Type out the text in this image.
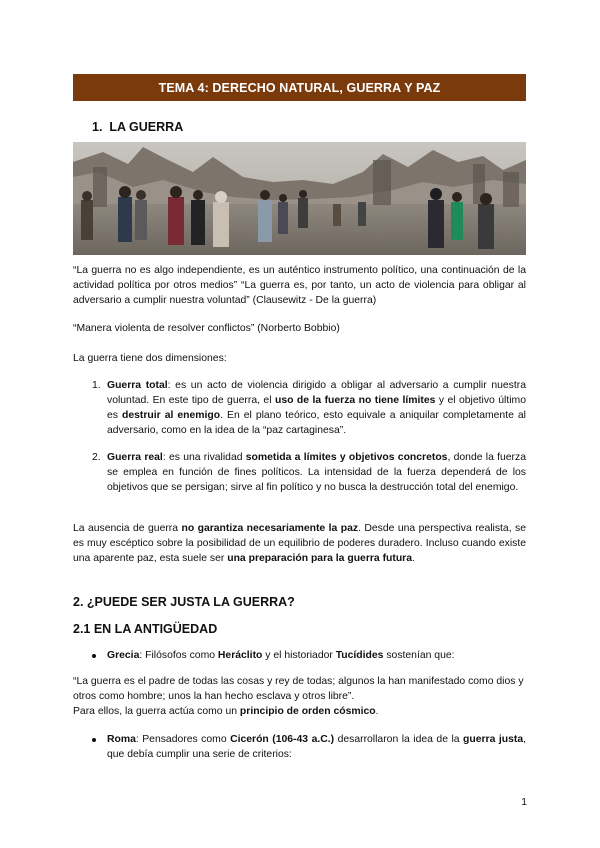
TEMA 4: DERECHO NATURAL, GUERRA Y PAZ
1. LA GUERRA
“La guerra no es algo independiente, es un auténtico instrumento político, una continuación de la actividad política por otros medios” “La guerra es, por tanto, un acto de violencia para obligar al adversario a cumplir nuestra voluntad” (Clausewitz - De la guerra)
“Manera violenta de resolver conflictos” (Norberto Bobbio)
La guerra tiene dos dimensiones:
1. Guerra total: es un acto de violencia dirigido a obligar al adversario a cumplir nuestra voluntad. En este tipo de guerra, el uso de la fuerza no tiene límites y el objetivo último es destruir al enemigo. En el plano teórico, esto equivale a aniquilar completamente al adversario, como en la idea de la “paz cartaginesa”.
2. Guerra real: es una rivalidad sometida a límites y objetivos concretos, donde la fuerza se emplea en función de fines políticos. La intensidad de la fuerza dependerá de los objetivos que se persigan; sirve al fin político y no busca la destrucción total del enemigo.
La ausencia de guerra no garantiza necesariamente la paz. Desde una perspectiva realista, se es muy escéptico sobre la posibilidad de un equilibrio de poderes duradero. Incluso cuando existe una aparente paz, esta suele ser una preparación para la guerra futura.
2. ¿PUEDE SER JUSTA LA GUERRA?
2.1 EN LA ANTIGÜEDAD
Grecia: Filósofos como Heráclito y el historiador Tucídides sostenían que:
“La guerra es el padre de todas las cosas y rey de todas; algunos la han manifestado como dios y otros como hombre; unos la han hecho esclava y otros libre”.
Para ellos, la guerra actúa como un principio de orden cósmico.
Roma: Pensadores como Cicerón (106-43 a.C.) desarrollaron la idea de la guerra justa, que debía cumplir una serie de criterios:
1
